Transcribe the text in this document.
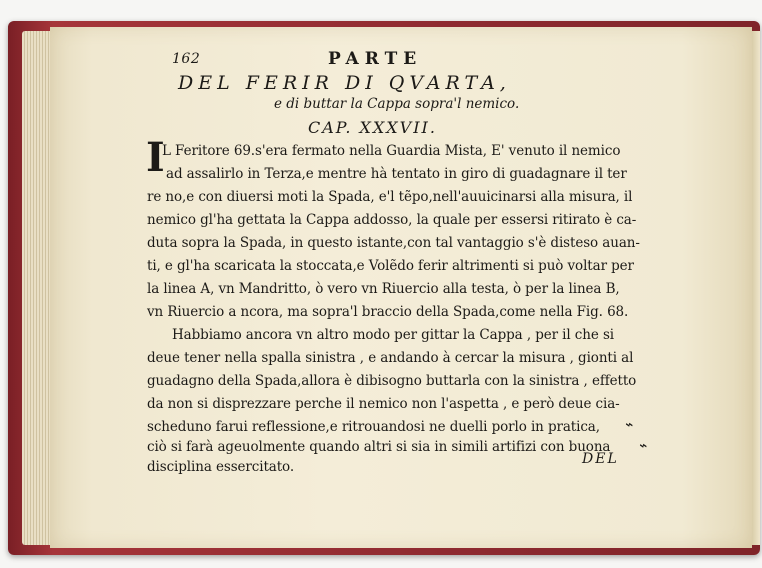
162	PARTE
DEL FERIR DI QVARTA,
e di buttar la Cappa sopra'l nemico.
CAP. XXXVII.
I
L Feritore 69.s'era fermato nella Guardia Mista, E' venuto il nemico
ad assalirlo in Terza,e mentre hà tentato in giro di guadagnare il ter
re no,e con diuersi moti la Spada, e'l tẽpo,nell'auuicinarsi alla misura, il
nemico gl'ha gettata la Cappa addosso, la quale per essersi ritirato è ca-
duta sopra la Spada, in questo istante,con tal vantaggio s'è disteso auan-
ti, e gl'ha scaricata la stoccata,e Volẽdo ferir altrimenti si può voltar per
la linea A, vn Mandritto, ò vero vn Riuercio alla testa, ò per la linea B,
vn Riuercio a ncora, ma sopra'l braccio della Spada,come nella Fig. 68.
Habbiamo ancora vn altro modo per gittar la Cappa , per il che si
deue tener nella spalla sinistra , e andando à cercar la misura , gionti al
guadagno della Spada,allora è dibisogno buttarla con la sinistra , effetto
da non si disprezzare perche il nemico non l'aspetta , e però deue cia-
scheduno farui reflessione,e ritrouandosi ne duelli porlo in pratica,
ciò si farà ageuolmente quando altri si sia in simili artifizi con buona
disciplina essercitato.
⌁
⌁
DEL
